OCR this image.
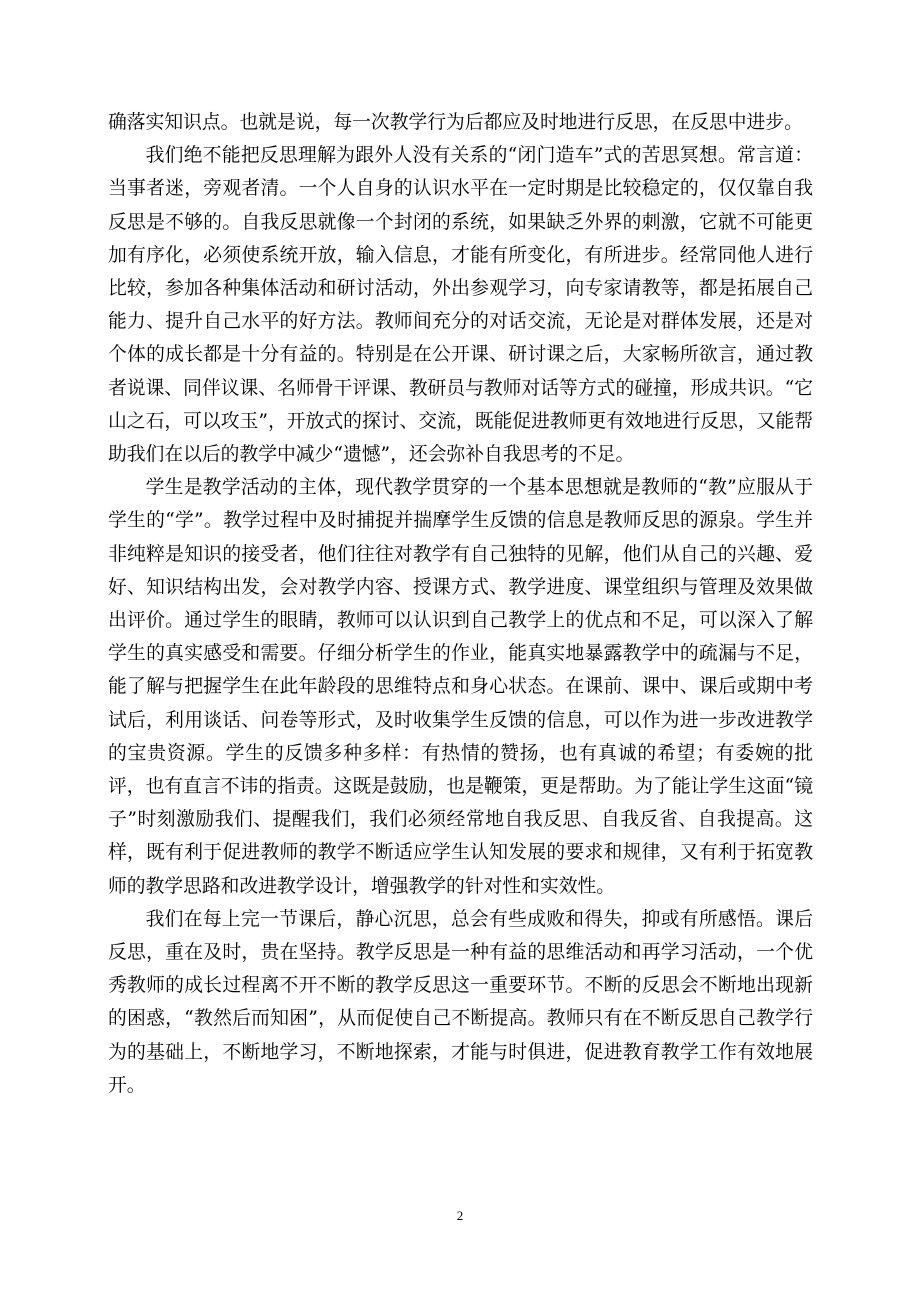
确落实知识点。也就是说，每一次教学行为后都应及时地进行反思，在反思中进步。

我们绝不能把反思理解为跟外人没有关系的“闭门造车”式的苦思冥想。常言道：当事者迷，旁观者清。一个人自身的认识水平在一定时期是比较稳定的，仅仅靠自我反思是不够的。自我反思就像一个封闭的系统，如果缺乏外界的刺激，它就不可能更加有序化，必须使系统开放，输入信息，才能有所变化，有所进步。经常同他人进行比较，参加各种集体活动和研讨活动，外出参观学习，向专家请教等，都是拓展自己能力、提升自己水平的好方法。教师间充分的对话交流，无论是对群体发展，还是对个体的成长都是十分有益的。特别是在公开课、研讨课之后，大家畅所欲言，通过教者说课、同伴议课、名师骨干评课、教研员与教师对话等方式的碰撞，形成共识。“它山之石，可以攻玉”，开放式的探讨、交流，既能促进教师更有效地进行反思，又能帮助我们在以后的教学中减少“遗憾”，还会弥补自我思考的不足。

学生是教学活动的主体，现代教学贯穿的一个基本思想就是教师的“教”应服从于学生的“学”。教学过程中及时捕捉并揣摩学生反馈的信息是教师反思的源泉。学生并非纯粹是知识的接受者，他们往往对教学有自己独特的见解，他们从自己的兴趣、爱好、知识结构出发，会对教学内容、授课方式、教学进度、课堂组织与管理及效果做出评价。通过学生的眼睛，教师可以认识到自己教学上的优点和不足，可以深入了解学生的真实感受和需要。仔细分析学生的作业，能真实地暴露教学中的疏漏与不足，能了解与把握学生在此年龄段的思维特点和身心状态。在课前、课中、课后或期中考试后，利用谈话、问卷等形式，及时收集学生反馈的信息，可以作为进一步改进教学的宝贵资源。学生的反馈多种多样：有热情的赞扬，也有真诚的希望；有委婉的批评，也有直言不讳的指责。这既是鼓励，也是鞭策，更是帮助。为了能让学生这面“镜子”时刻激励我们、提醒我们，我们必须经常地自我反思、自我反省、自我提高。这样，既有利于促进教师的教学不断适应学生认知发展的要求和规律，又有利于拓宽教师的教学思路和改进教学设计，增强教学的针对性和实效性。

我们在每上完一节课后，静心沉思，总会有些成败和得失，抑或有所感悟。课后反思，重在及时，贵在坚持。教学反思是一种有益的思维活动和再学习活动，一个优秀教师的成长过程离不开不断的教学反思这一重要环节。不断的反思会不断地出现新的困惑，“教然后而知困”，从而促使自己不断提高。教师只有在不断反思自己教学行为的基础上，不断地学习，不断地探索，才能与时俱进，促进教育教学工作有效地展开。

2
